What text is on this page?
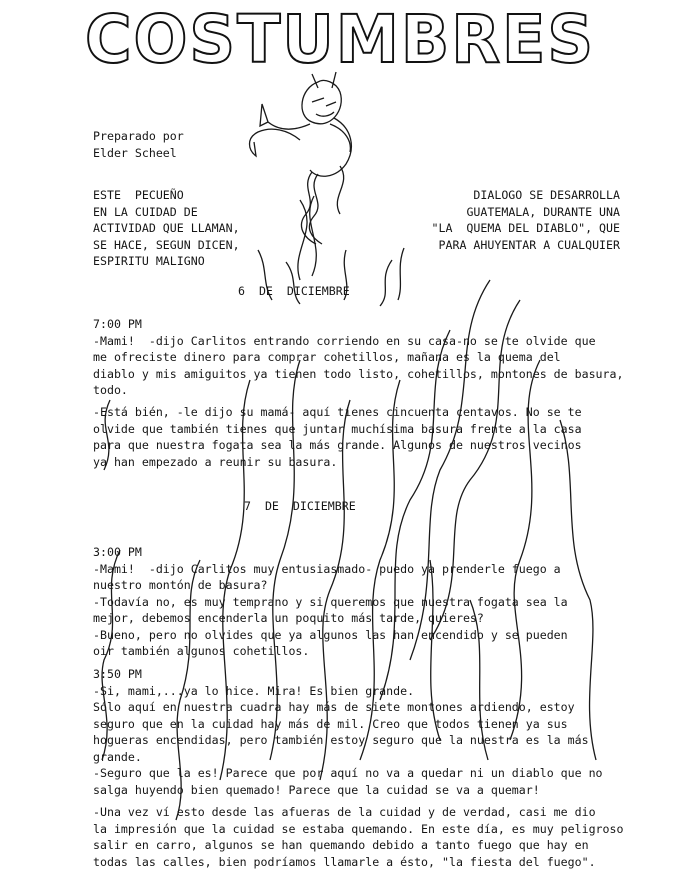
COSTUMBRES
Preparado por
Elder Scheel
ESTE  PECUEÑO
EN LA CUIDAD DE
ACTIVIDAD QUE LLAMAN,
SE HACE, SEGUN DICEN,
ESPIRITU MALIGNO
DIALOGO SE DESARROLLA
GUATEMALA, DURANTE UNA
"LA  QUEMA DEL DIABLO", QUE
PARA AHUYENTAR A CUALQUIER
6  DE  DICIEMBRE
7:00 PM
-Mami!  -dijo Carlitos entrando corriendo en su casa-no se te olvide que
me ofreciste dinero para comprar cohetillos, mañana es la quema del
diablo y mis amiguitos ya tienen todo listo, cohetillos, montones de basura,
todo.
-Está bién, -le dijo su mamá- aquí tienes cincuenta centavos. No se te
olvide que también tienes que juntar muchísima basura frente a la casa
para que nuestra fogata sea la más grande. Algunos de nuestros vecinos
ya han empezado a reunir su basura.
7  DE  DICIEMBRE
3:00 PM
-Mami!  -dijo Carlitos muy entusiasmado- puedo ya prenderle fuego a
nuestro montón de basura?
-Todavía no, es muy temprano y si queremos que nuestra fogata sea la
mejor, debemos encenderla un poquito más tarde, quieres?
-Bueno, pero no olvides que ya algunos las han encendido y se pueden
oir también algunos cohetillos.
3:50 PM
-Si, mami,...ya lo hice. Mira! Es bien grande.
Sólo aquí en nuestra cuadra hay más de siete montones ardiendo, estoy
seguro que en la cuidad hay más de mil. Creo que todos tienen ya sus
hogueras encendidas, pero también estoy seguro que la nuestra es la más
grande.
-Seguro que la es! Parece que por aquí no va a quedar ni un diablo que no
salga huyendo bien quemado! Parece que la cuidad se va a quemar!
-Una vez ví esto desde las afueras de la cuidad y de verdad, casi me dio
la impresión que la cuidad se estaba quemando. En este día, es muy peligroso
salir en carro, algunos se han quemando debido a tanto fuego que hay en
todas las calles, bien podríamos llamarle a ésto, "la fiesta del fuego".
